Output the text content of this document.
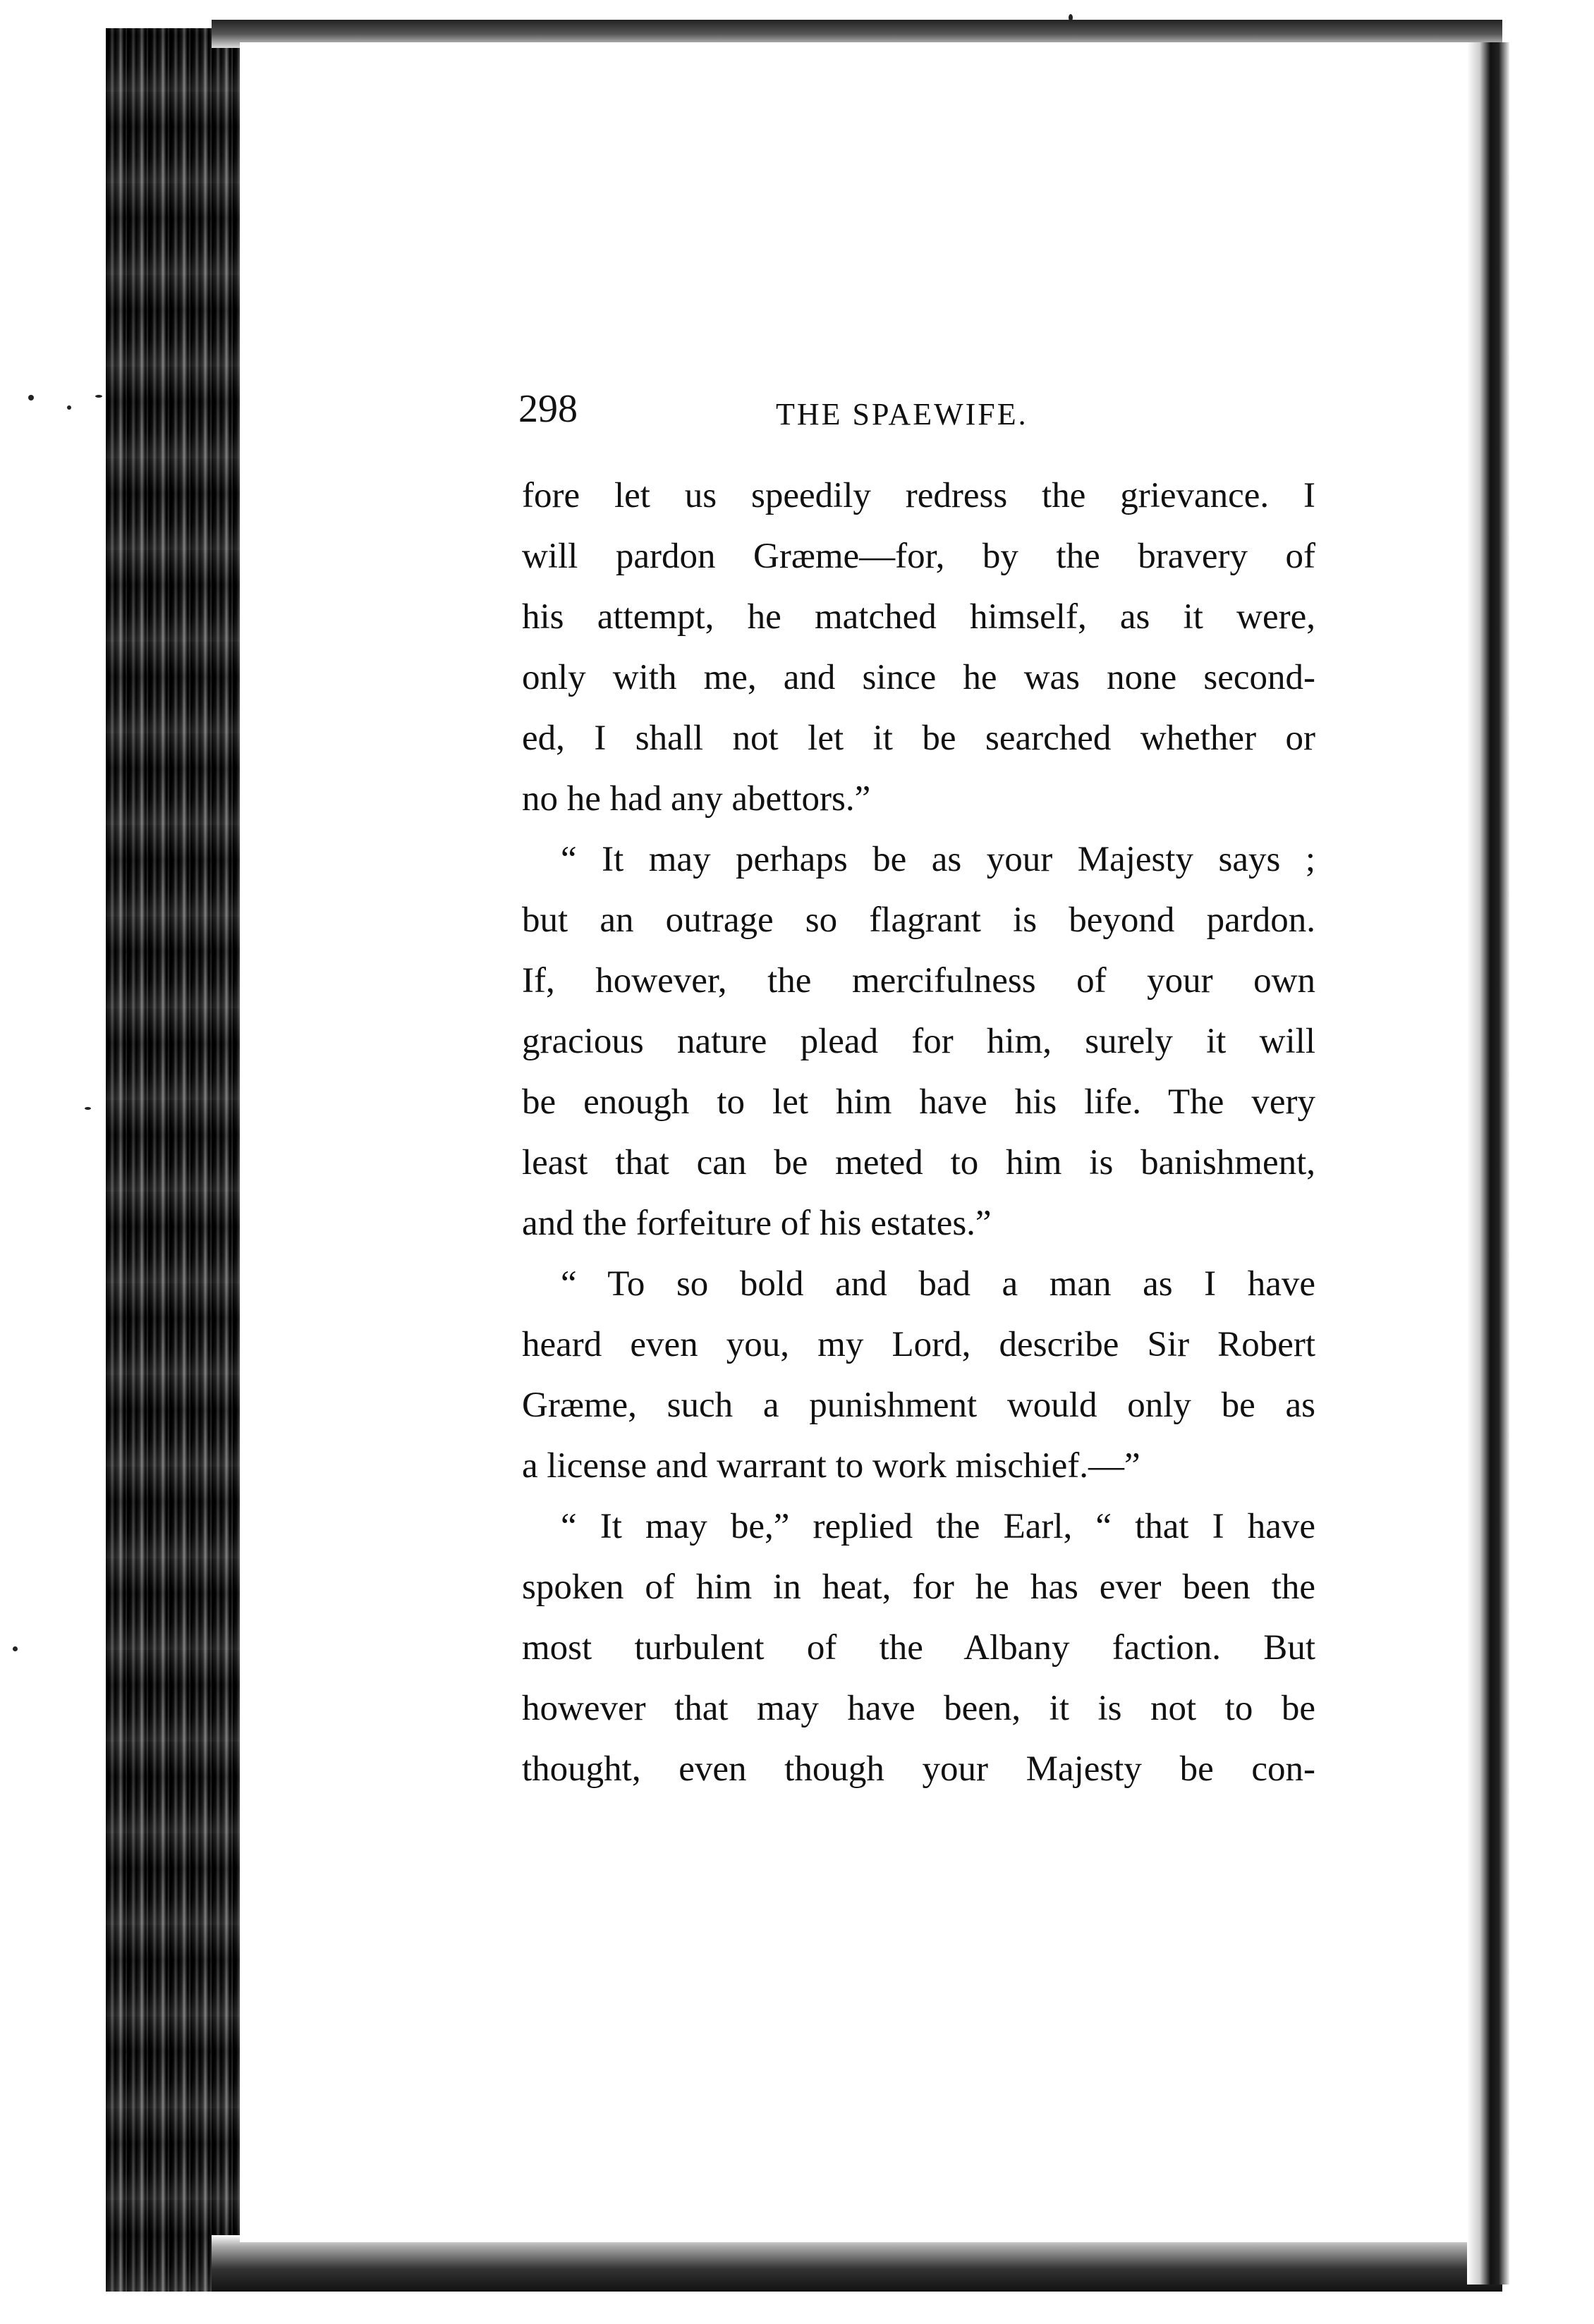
298	THE SPAEWIFE.
fore let us speedily redress the grievance. I
will pardon Græme—for, by the bravery of
his attempt, he matched himself, as it were,
only with me, and since he was none second-
ed, I shall not let it be searched whether or
no he had any abettors.”
“ It may perhaps be as your Majesty says ;
but an outrage so flagrant is beyond pardon.
If, however, the mercifulness of your own
gracious nature plead for him, surely it will
be enough to let him have his life. The very
least that can be meted to him is banishment,
and the forfeiture of his estates.”
“ To so bold and bad a man as I have
heard even you, my Lord, describe Sir Robert
Græme, such a punishment would only be as
a license and warrant to work mischief.—”
“ It may be,” replied the Earl, “ that I have
spoken of him in heat, for he has ever been the
most turbulent of the Albany faction. But
however that may have been, it is not to be
thought, even though your Majesty be con-
